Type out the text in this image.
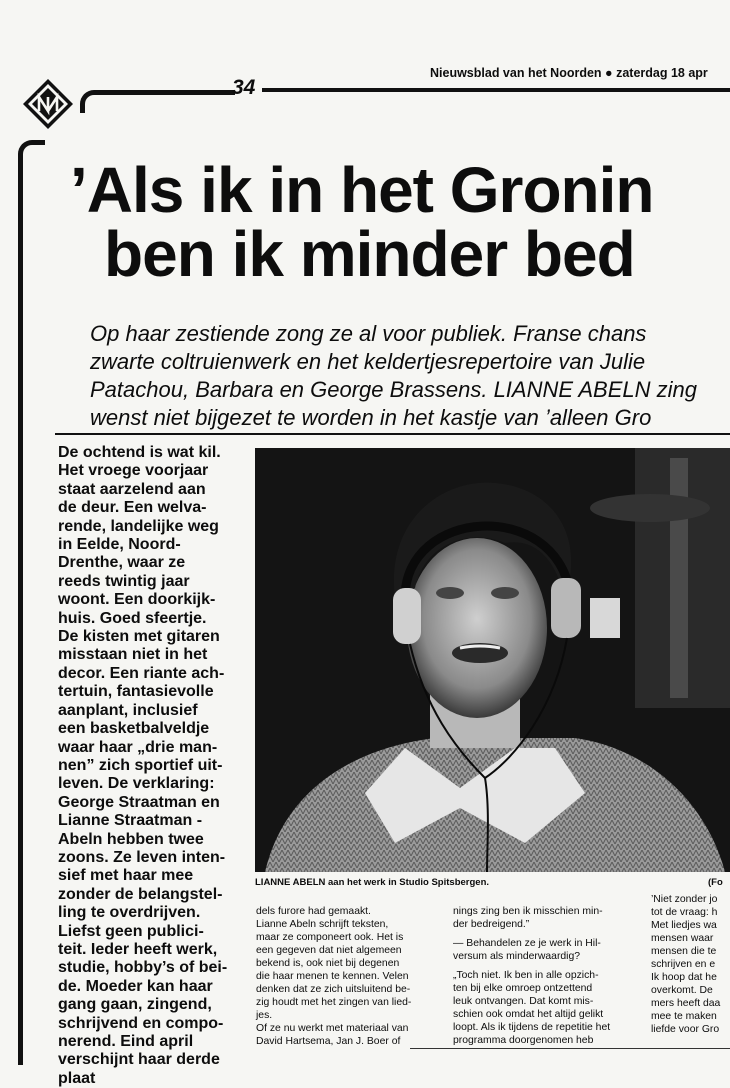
34
Nieuwsblad van het Noorden ● zaterdag 18 apr
’Als ik in het Gronin
ben ik minder bed
Op haar zestiende zong ze al voor publiek. Franse chans
zwarte coltruienwerk en het keldertjesrepertoire van Julie
Patachou, Barbara en George Brassens. LIANNE ABELN zing
wenst niet bijgezet te worden in het kastje van ’alleen Gro
De ochtend is wat kil.
Het vroege voorjaar
staat aarzelend aan
de deur. Een welva-
rende, landelijke weg
in Eelde, Noord-
Drenthe, waar ze
reeds twintig jaar
woont. Een doorkijk-
huis. Goed sfeertje.
De kisten met gitaren
misstaan niet in het
decor. Een riante ach-
tertuin, fantasievolle
aanplant, inclusief
een basketbalveldje
waar haar „drie man-
nen” zich sportief uit-
leven. De verklaring:
George Straatman en
Lianne Straatman -
Abeln hebben twee
zoons. Ze leven inten-
sief met haar mee
zonder de belangstel-
ling te overdrijven.
Liefst geen publici-
teit. Ieder heeft werk,
studie, hobby’s of bei-
de. Moeder kan haar
gang gaan, zingend,
schrijvend en compo-
nerend. Eind april
verschijnt haar derde
plaat
LIANNE ABELN aan het werk in Studio Spitsbergen.	(Fo
dels furore had gemaakt.
Lianne Abeln schrijft teksten,
maar ze componeert ook. Het is
een gegeven dat niet algemeen
bekend is, ook niet bij degenen
die haar menen te kennen. Velen
denken dat ze zich uitsluitend be-
zig houdt met het zingen van lied-
jes.
Of ze nu werkt met materiaal van
David Hartsema, Jan J. Boer of
nings zing ben ik misschien min-
der bedreigend.”
— Behandelen ze je werk in Hil-
versum als minderwaardig?
„Toch niet. Ik ben in alle opzich-
ten bij elke omroep ontzettend
leuk ontvangen. Dat komt mis-
schien ook omdat het altijd gelikt
loopt. Als ik tijdens de repetitie het
programma doorgenomen heb
’Niet zonder jo
tot de vraag: h
Met liedjes wa
mensen waar
mensen die te
schrijven en e
Ik hoop dat he
overkomt. De
mers heeft daa
mee te maken
liefde voor Gro
